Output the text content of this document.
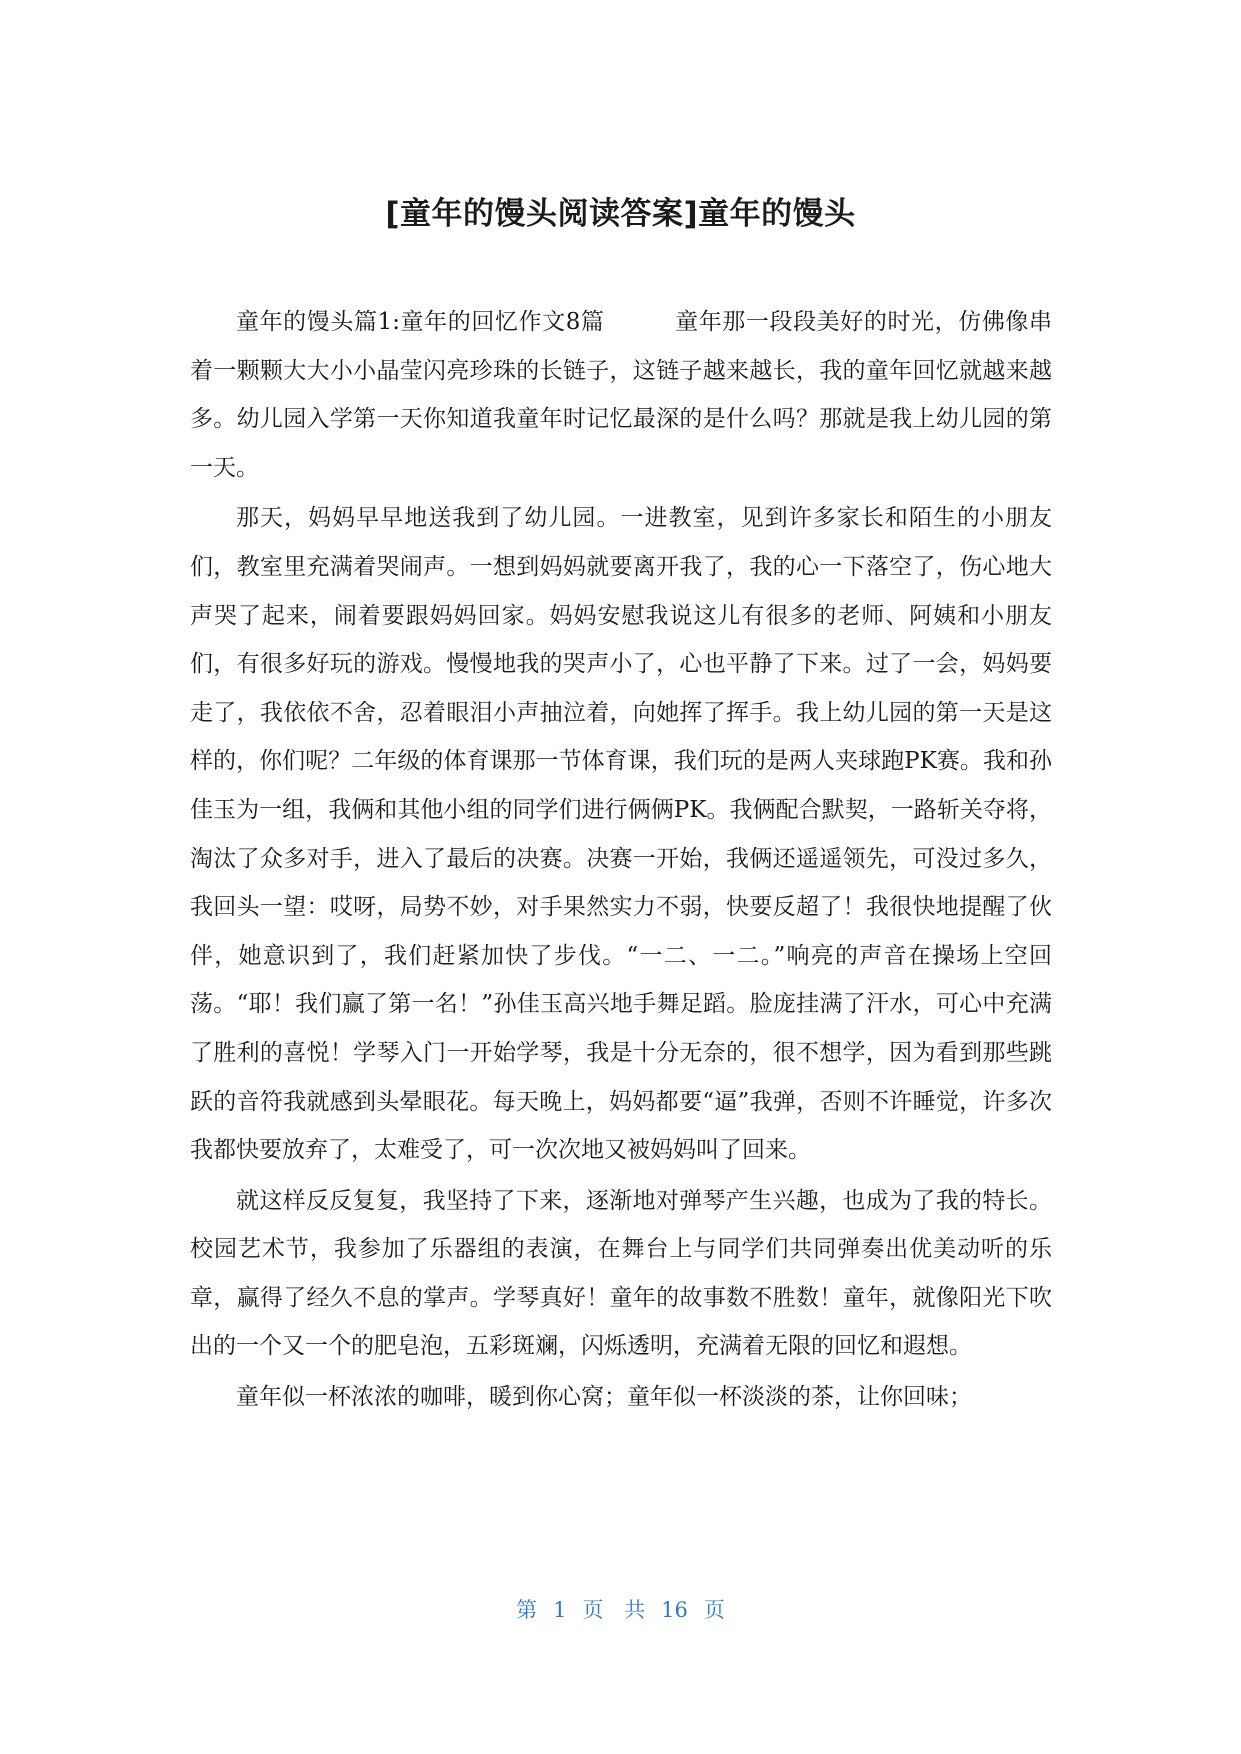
[童年的馒头阅读答案]童年的馒头

童年的馒头篇1:童年的回忆作文8篇	童年那一段段美好的时光，仿佛像串着一颗颗大大小小晶莹闪亮珍珠的长链子，这链子越来越长，我的童年回忆就越来越多。幼儿园入学第一天你知道我童年时记忆最深的是什么吗？那就是我上幼儿园的第一天。

那天，妈妈早早地送我到了幼儿园。一进教室，见到许多家长和陌生的小朋友们，教室里充满着哭闹声。一想到妈妈就要离开我了，我的心一下落空了，伤心地大声哭了起来，闹着要跟妈妈回家。妈妈安慰我说这儿有很多的老师、阿姨和小朋友们，有很多好玩的游戏。慢慢地我的哭声小了，心也平静了下来。过了一会，妈妈要走了，我依依不舍，忍着眼泪小声抽泣着，向她挥了挥手。我上幼儿园的第一天是这样的，你们呢？二年级的体育课那一节体育课，我们玩的是两人夹球跑PK赛。我和孙佳玉为一组，我俩和其他小组的同学们进行俩俩PK。我俩配合默契，一路斩关夺将，淘汰了众多对手，进入了最后的决赛。决赛一开始，我俩还遥遥领先，可没过多久，我回头一望：哎呀，局势不妙，对手果然实力不弱，快要反超了！我很快地提醒了伙伴，她意识到了，我们赶紧加快了步伐。“一二、一二。”响亮的声音在操场上空回荡。“耶！我们赢了第一名！”孙佳玉高兴地手舞足蹈。脸庞挂满了汗水，可心中充满了胜利的喜悦！学琴入门一开始学琴，我是十分无奈的，很不想学，因为看到那些跳跃的音符我就感到头晕眼花。每天晚上，妈妈都要“逼”我弹，否则不许睡觉，许多次我都快要放弃了，太难受了，可一次次地又被妈妈叫了回来。

就这样反反复复，我坚持了下来，逐渐地对弹琴产生兴趣，也成为了我的特长。校园艺术节，我参加了乐器组的表演，在舞台上与同学们共同弹奏出优美动听的乐章，赢得了经久不息的掌声。学琴真好！童年的故事数不胜数！童年，就像阳光下吹出的一个又一个的肥皂泡，五彩斑斓，闪烁透明，充满着无限的回忆和遐想。

童年似一杯浓浓的咖啡，暖到你心窝；童年似一杯淡淡的茶，让你回味；

第 1 页 共 16 页
